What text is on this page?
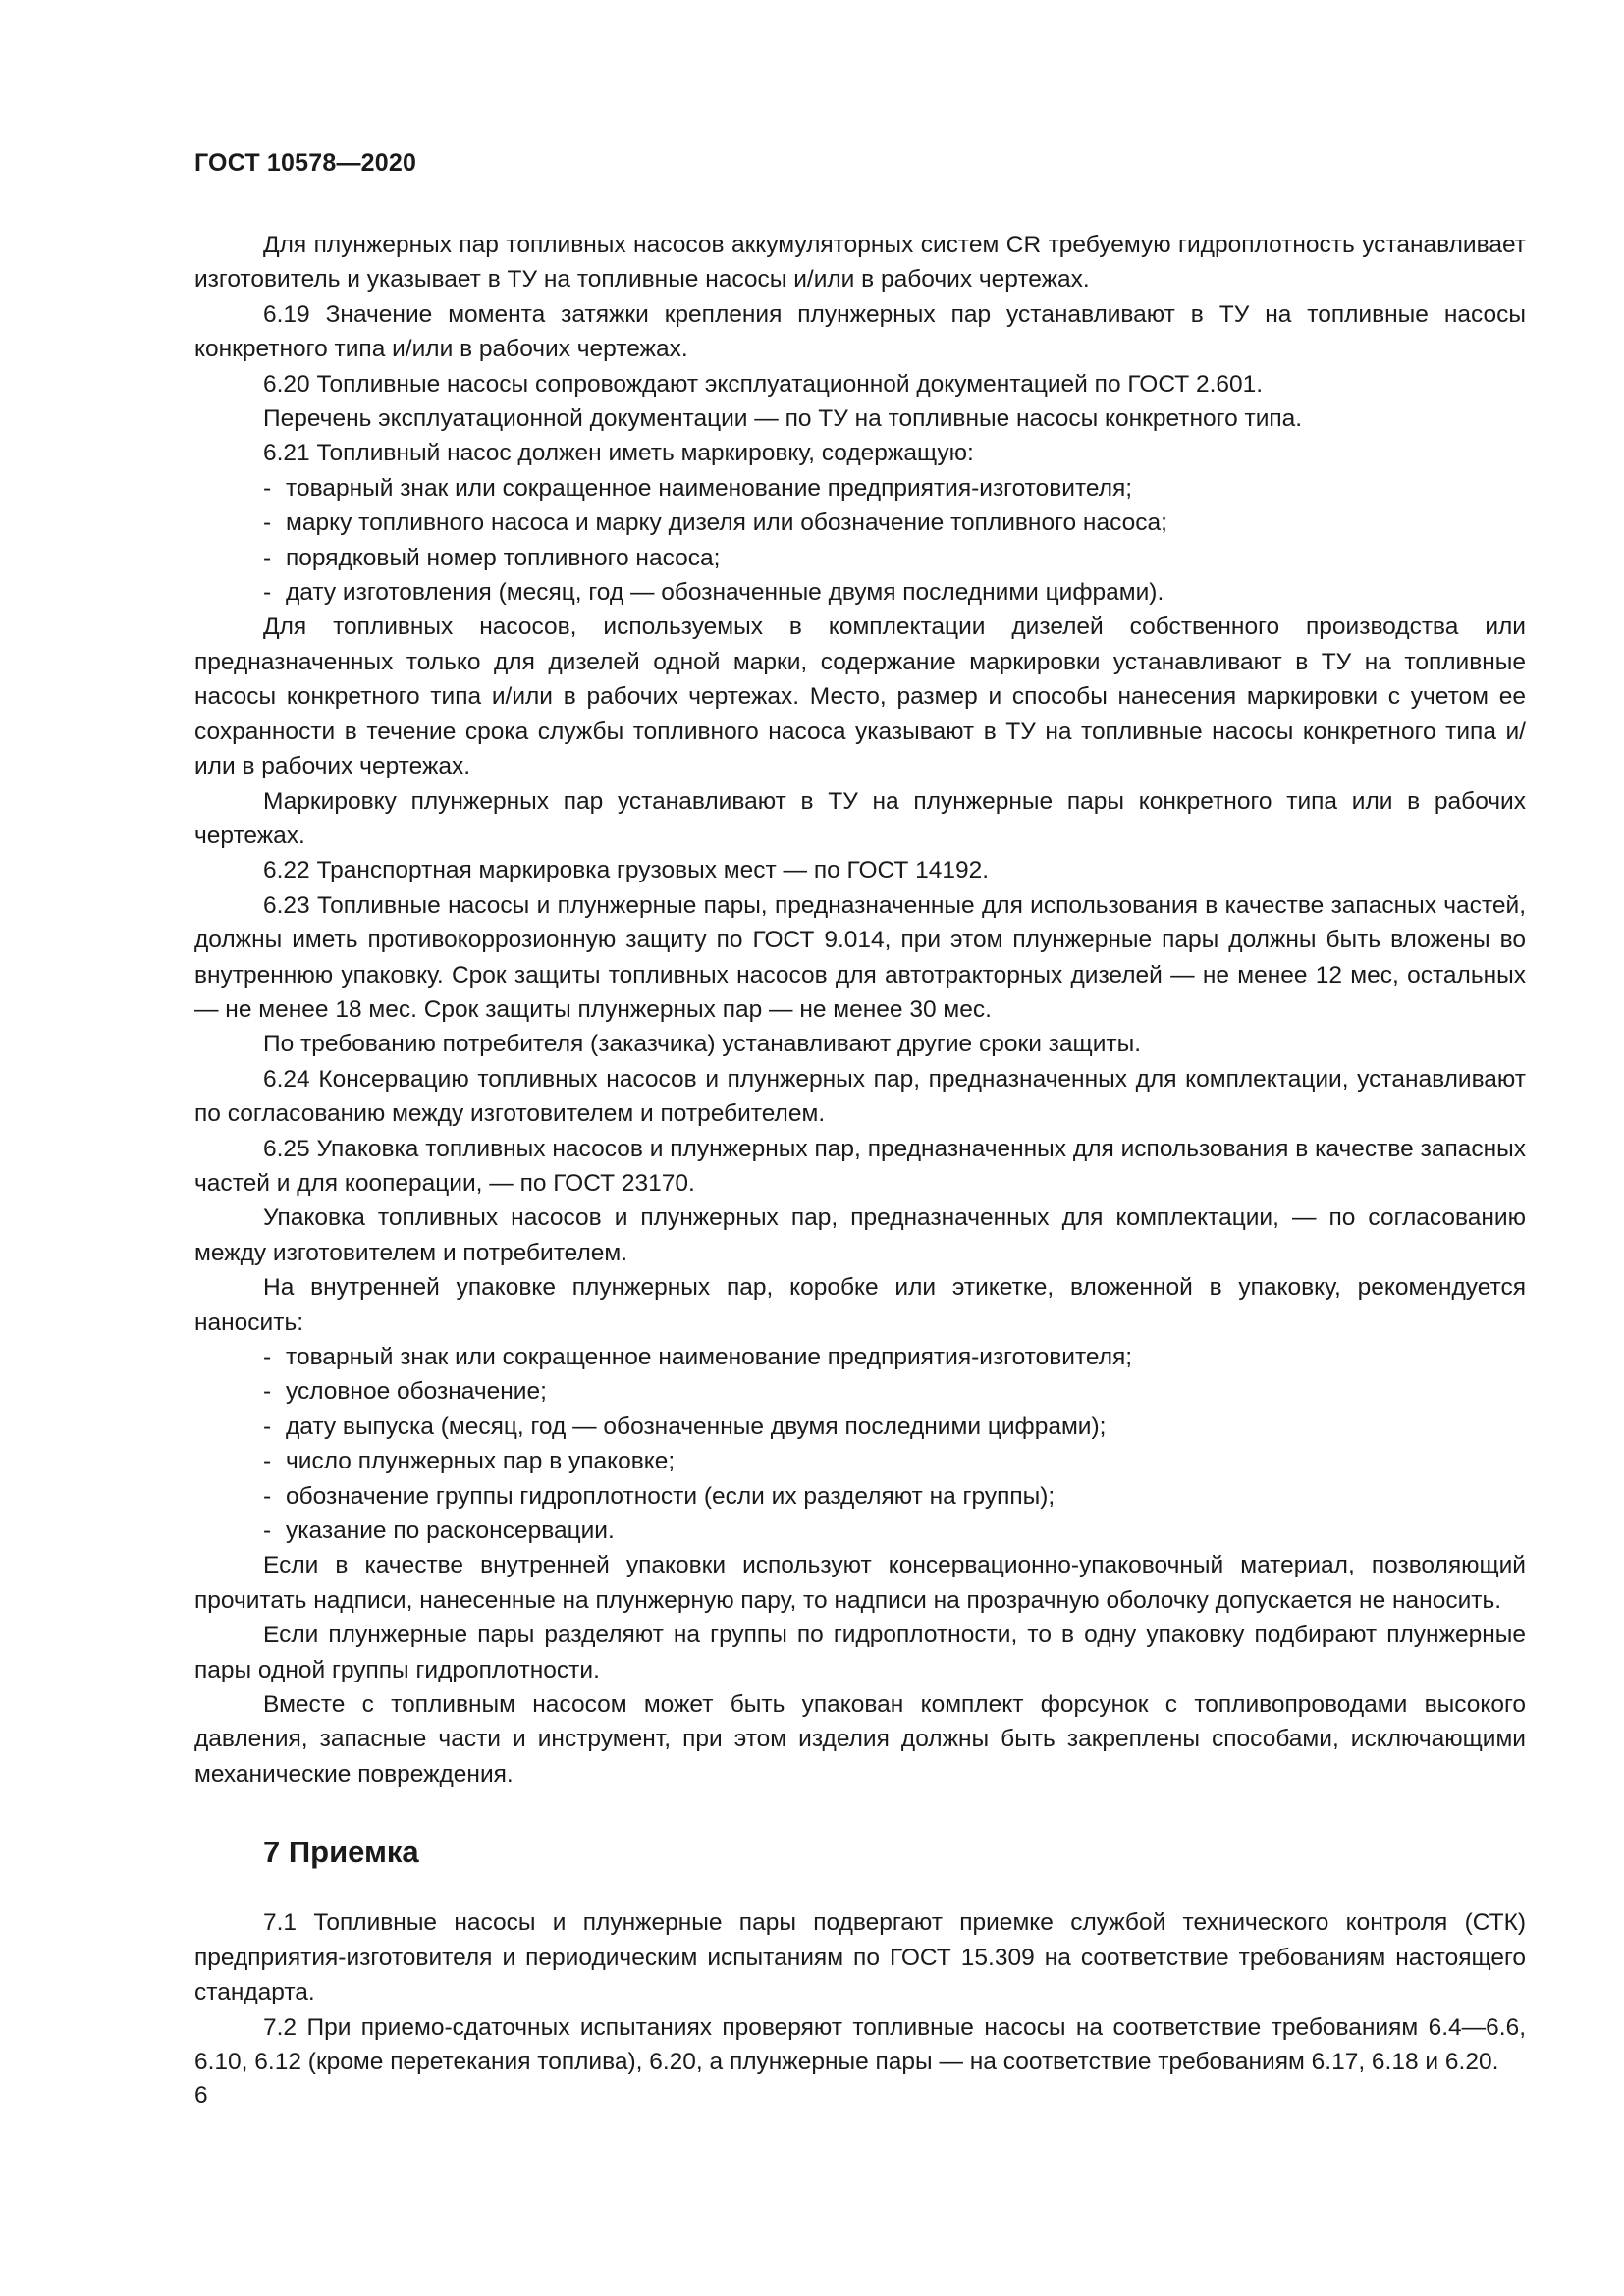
ГОСТ 10578—2020

Для плунжерных пар топливных насосов аккумуляторных систем CR требуемую гидроплотность устанавливает изготовитель и указывает в ТУ на топливные насосы и/или в рабочих чертежах.

6.19 Значение момента затяжки крепления плунжерных пар устанавливают в ТУ на топливные насосы конкретного типа и/или в рабочих чертежах.

6.20 Топливные насосы сопровождают эксплуатационной документацией по ГОСТ 2.601.

Перечень эксплуатационной документации — по ТУ на топливные насосы конкретного типа.

6.21 Топливный насос должен иметь маркировку, содержащую:

- товарный знак или сокращенное наименование предприятия-изготовителя;

- марку топливного насоса и марку дизеля или обозначение топливного насоса;

- порядковый номер топливного насоса;

- дату изготовления (месяц, год — обозначенные двумя последними цифрами).

Для топливных насосов, используемых в комплектации дизелей собственного производства или предназначенных только для дизелей одной марки, содержание маркировки устанавливают в ТУ на топливные насосы конкретного типа и/или в рабочих чертежах. Место, размер и способы нанесения маркировки с учетом ее сохранности в течение срока службы топливного насоса указывают в ТУ на топливные насосы конкретного типа и/или в рабочих чертежах.

Маркировку плунжерных пар устанавливают в ТУ на плунжерные пары конкретного типа или в рабочих чертежах.

6.22 Транспортная маркировка грузовых мест — по ГОСТ 14192.

6.23 Топливные насосы и плунжерные пары, предназначенные для использования в качестве запасных частей, должны иметь противокоррозионную защиту по ГОСТ 9.014, при этом плунжерные пары должны быть вложены во внутреннюю упаковку. Срок защиты топливных насосов для автотракторных дизелей — не менее 12 мес, остальных — не менее 18 мес. Срок защиты плунжерных пар — не менее 30 мес.

По требованию потребителя (заказчика) устанавливают другие сроки защиты.

6.24 Консервацию топливных насосов и плунжерных пар, предназначенных для комплектации, устанавливают по согласованию между изготовителем и потребителем.

6.25 Упаковка топливных насосов и плунжерных пар, предназначенных для использования в качестве запасных частей и для кооперации, — по ГОСТ 23170.

Упаковка топливных насосов и плунжерных пар, предназначенных для комплектации, — по согласованию между изготовителем и потребителем.

На внутренней упаковке плунжерных пар, коробке или этикетке, вложенной в упаковку, рекомендуется наносить:

- товарный знак или сокращенное наименование предприятия-изготовителя;

- условное обозначение;

- дату выпуска (месяц, год — обозначенные двумя последними цифрами);

- число плунжерных пар в упаковке;

- обозначение группы гидроплотности (если их разделяют на группы);

- указание по расконсервации.

Если в качестве внутренней упаковки используют консервационно-упаковочный материал, позволяющий прочитать надписи, нанесенные на плунжерную пару, то надписи на прозрачную оболочку допускается не наносить.

Если плунжерные пары разделяют на группы по гидроплотности, то в одну упаковку подбирают плунжерные пары одной группы гидроплотности.

Вместе с топливным насосом может быть упакован комплект форсунок с топливопроводами высокого давления, запасные части и инструмент, при этом изделия должны быть закреплены способами, исключающими механические повреждения.

7 Приемка

7.1 Топливные насосы и плунжерные пары подвергают приемке службой технического контроля (СТК) предприятия-изготовителя и периодическим испытаниям по ГОСТ 15.309 на соответствие требованиям настоящего стандарта.

7.2 При приемо-сдаточных испытаниях проверяют топливные насосы на соответствие требованиям 6.4—6.6, 6.10, 6.12 (кроме перетекания топлива), 6.20, а плунжерные пары — на соответствие требованиям 6.17, 6.18 и 6.20.

6
